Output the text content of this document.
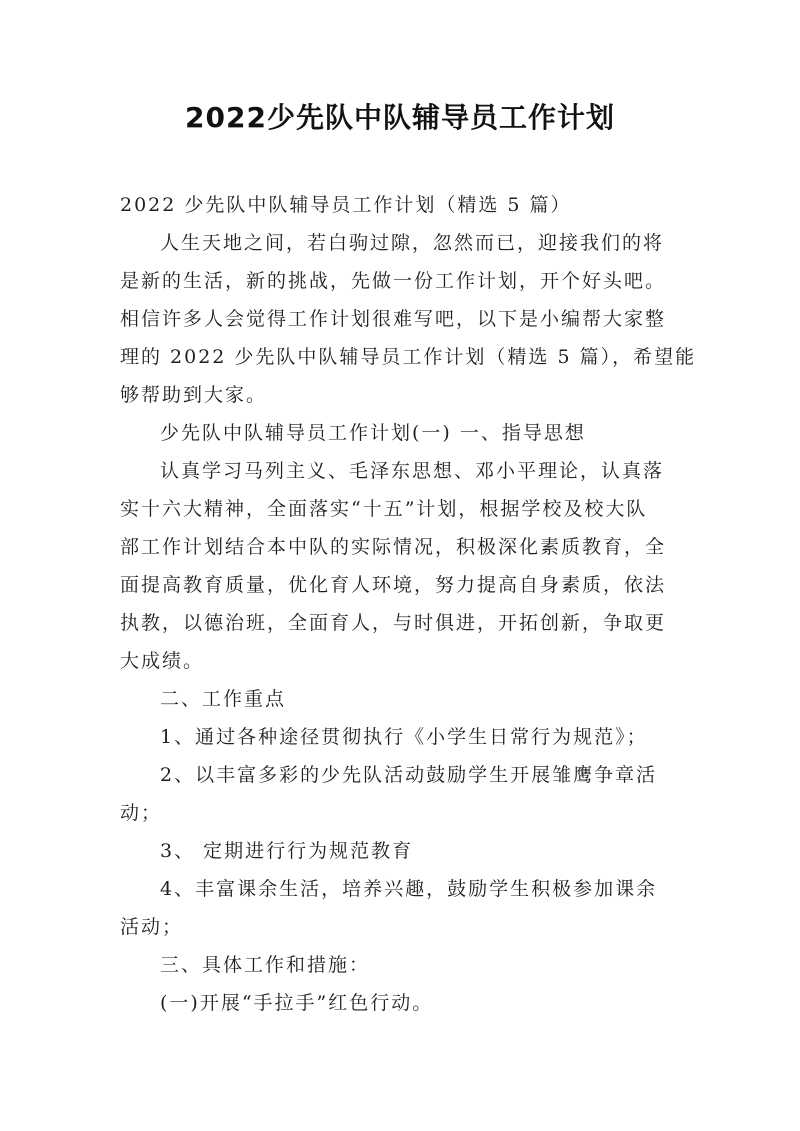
2022少先队中队辅导员工作计划
2022 少先队中队辅导员工作计划（精选 5 篇）
人生天地之间，若白驹过隙，忽然而已，迎接我们的将
是新的生活，新的挑战，先做一份工作计划，开个好头吧。
相信许多人会觉得工作计划很难写吧，以下是小编帮大家整
理的 2022 少先队中队辅导员工作计划（精选 5 篇），希望能
够帮助到大家。
少先队中队辅导员工作计划(一) 一、指导思想
认真学习马列主义、毛泽东思想、邓小平理论，认真落
实十六大精神，全面落实“十五”计划，根据学校及校大队
部工作计划结合本中队的实际情况，积极深化素质教育，全
面提高教育质量，优化育人环境，努力提高自身素质，依法
执教，以德治班，全面育人，与时俱进，开拓创新，争取更
大成绩。
二、工作重点
1、通过各种途径贯彻执行《小学生日常行为规范》；
2、以丰富多彩的少先队活动鼓励学生开展雏鹰争章活
动；
3、 定期进行行为规范教育
4、丰富课余生活，培养兴趣，鼓励学生积极参加课余
活动；
三、具体工作和措施：
(一)开展“手拉手”红色行动。
